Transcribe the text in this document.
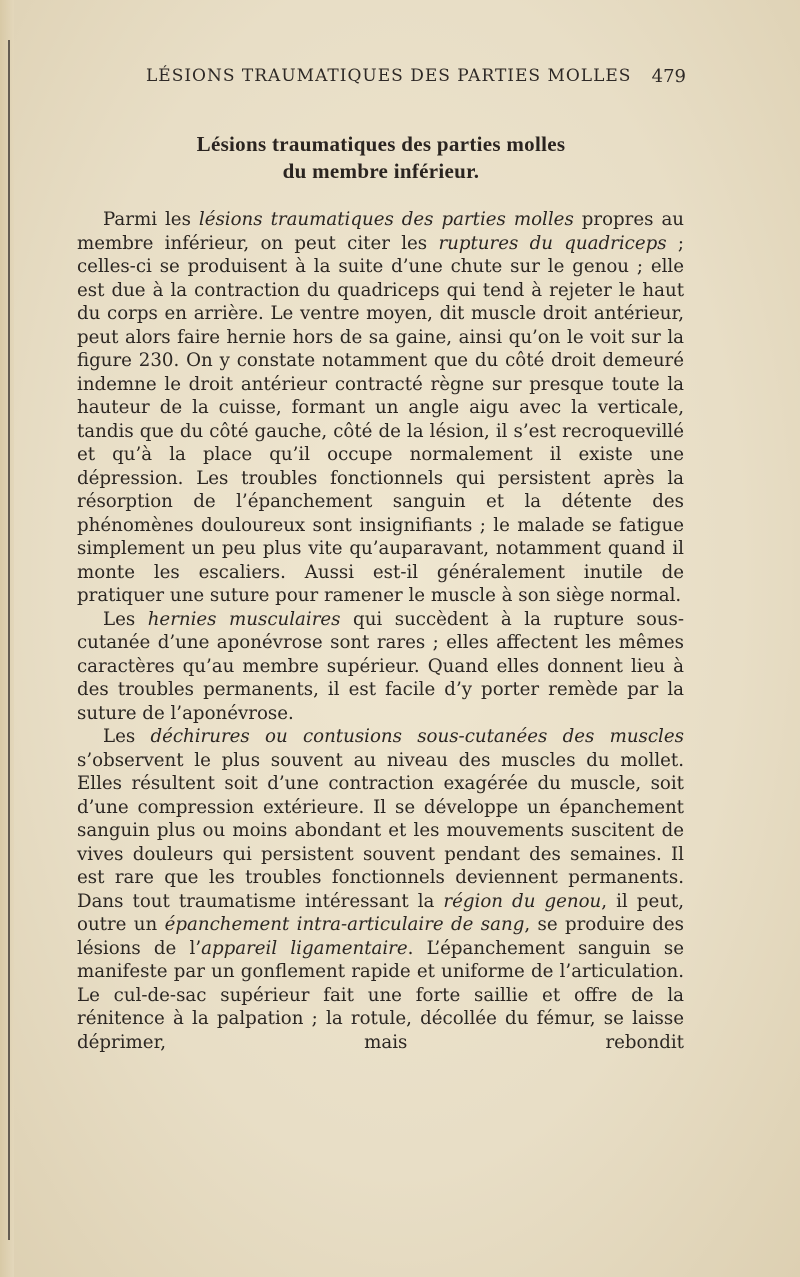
LÉSIONS TRAUMATIQUES DES PARTIES MOLLES 479
Lésions traumatiques des parties molles
du membre inférieur.

Parmi les lésions traumatiques des parties molles propres au membre inférieur, on peut citer les ruptures du quadriceps ; celles-ci se produisent à la suite d’une chute sur le genou ; elle est due à la contraction du quadriceps qui tend à rejeter le haut du corps en arrière. Le ventre moyen, dit muscle droit antérieur, peut alors faire hernie hors de sa gaine, ainsi qu’on le voit sur la figure 230. On y constate notamment que du côté droit demeuré indemne le droit antérieur contracté règne sur presque toute la hauteur de la cuisse, formant un angle aigu avec la verticale, tandis que du côté gauche, côté de la lésion, il s’est recroquevillé et qu’à la place qu’il occupe normalement il existe une dépression. Les troubles fonctionnels qui persistent après la résorption de l’épanchement sanguin et la détente des phénomènes douloureux sont insignifiants ; le malade se fatigue simplement un peu plus vite qu’auparavant, notamment quand il monte les escaliers. Aussi est-il généralement inutile de pratiquer une suture pour ramener le muscle à son siège normal.

Les hernies musculaires qui succèdent à la rupture sous-cutanée d’une aponévrose sont rares ; elles affectent les mêmes caractères qu’au membre supérieur. Quand elles donnent lieu à des troubles permanents, il est facile d’y porter remède par la suture de l’aponévrose.

Les déchirures ou contusions sous-cutanées des muscles s’observent le plus souvent au niveau des muscles du mollet. Elles résultent soit d’une contraction exagérée du muscle, soit d’une compression extérieure. Il se développe un épanchement sanguin plus ou moins abondant et les mouvements suscitent de vives douleurs qui persistent souvent pendant des semaines. Il est rare que les troubles fonctionnels deviennent permanents. Dans tout traumatisme intéressant la région du genou, il peut, outre un épanchement intra-articulaire de sang, se produire des lésions de l’appareil ligamentaire. L’épanchement sanguin se manifeste par un gonflement rapide et uniforme de l’articulation. Le cul-de-sac supérieur fait une forte saillie et offre de la rénitence à la palpation ; la rotule, décollée du fémur, se laisse déprimer, mais rebondit
